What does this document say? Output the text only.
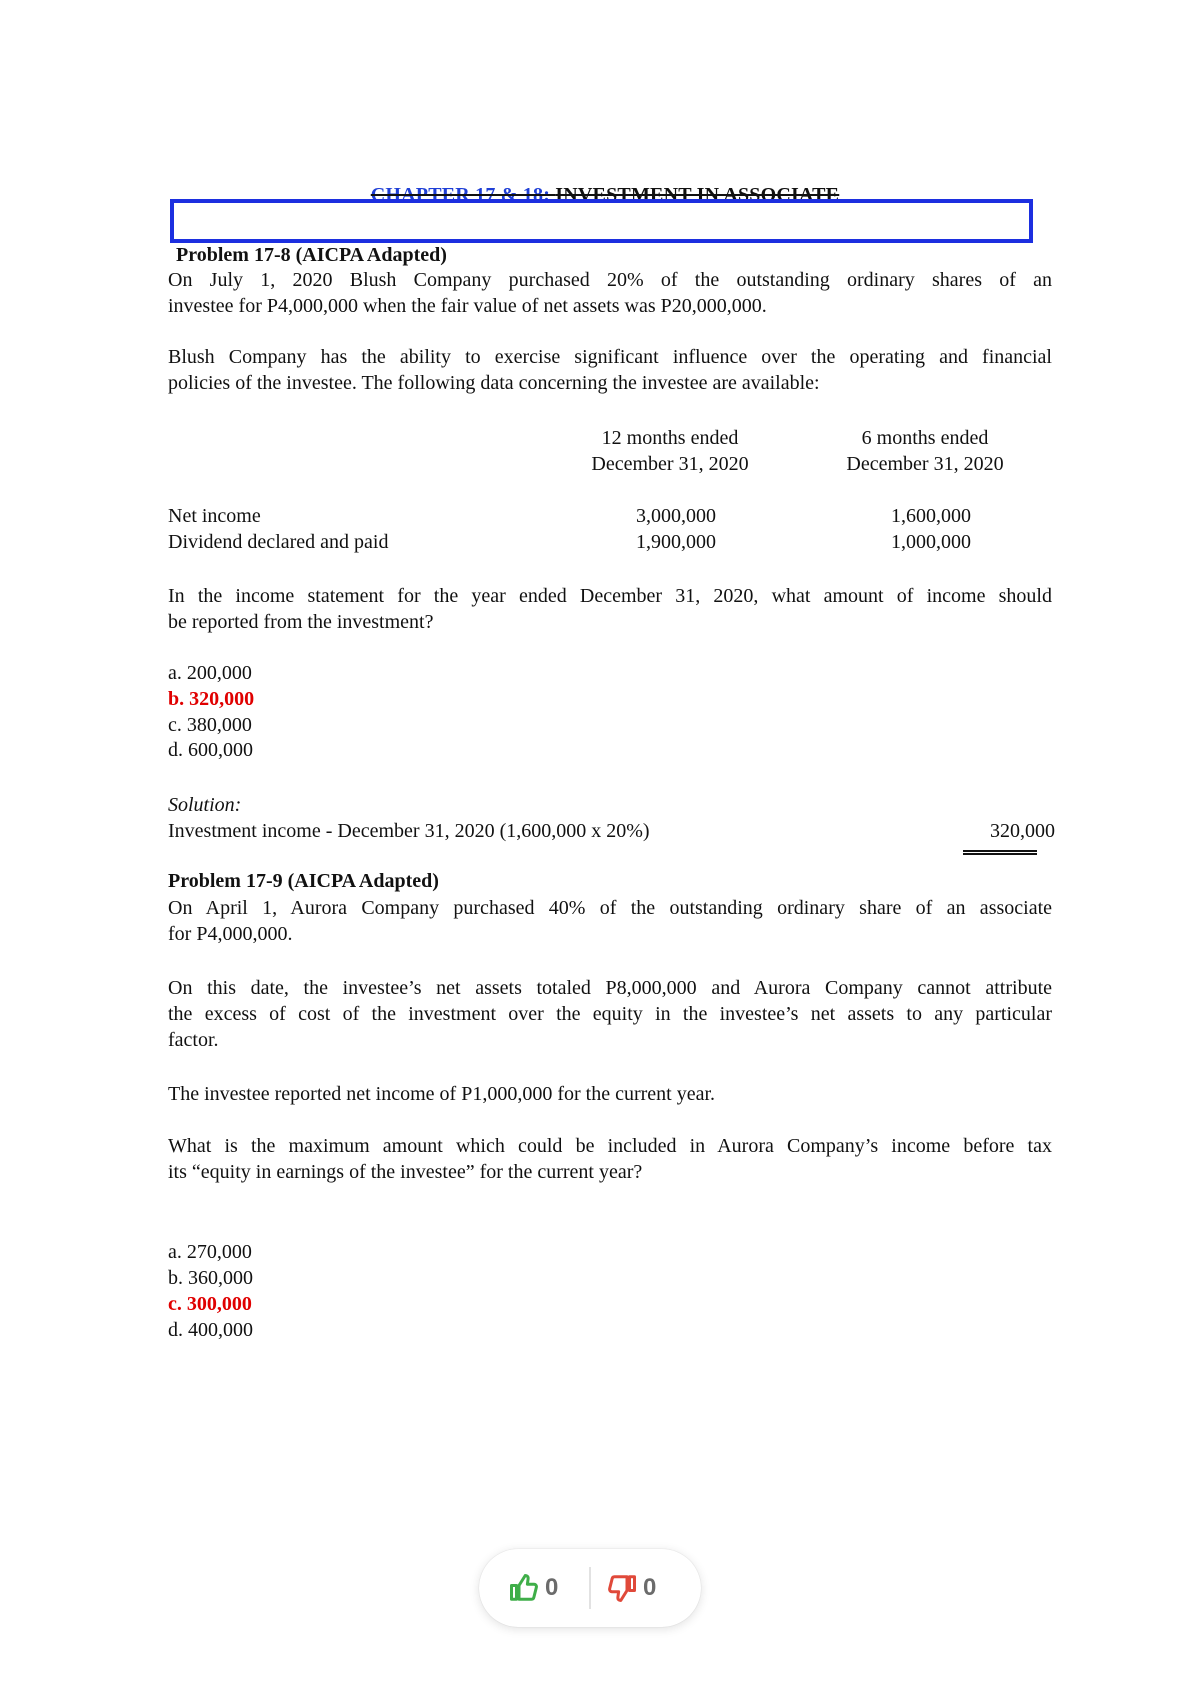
CHAPTER 17 & 18: INVESTMENT IN ASSOCIATE
Problem 17-8 (AICPA Adapted)
On July 1, 2020 Blush Company purchased 20% of the outstanding ordinary shares of an
investee for P4,000,000 when the fair value of net assets was P20,000,000.
Blush Company has the ability to exercise significant influence over the operating and financial
policies of the investee. The following data concerning the investee are available:
12 months ended
December 31, 2020
6 months ended
December 31, 2020
Net income	3,000,000	1,600,000
Dividend declared and paid	1,900,000	1,000,000
In the income statement for the year ended December 31, 2020, what amount of income should
be reported from the investment?
a. 200,000
b. 320,000
c. 380,000
d. 600,000
Solution:
Investment income - December 31, 2020 (1,600,000 x 20%)	320,000
Problem 17-9 (AICPA Adapted)
On April 1, Aurora Company purchased 40% of the outstanding ordinary share of an associate
for P4,000,000.
On this date, the investee’s net assets totaled P8,000,000 and Aurora Company cannot attribute
the excess of cost of the investment over the equity in the investee’s net assets to any particular
factor.
The investee reported net income of P1,000,000 for the current year.
What is the maximum amount which could be included in Aurora Company’s income before tax
its “equity in earnings of the investee” for the current year?
a. 270,000
b. 360,000
c. 300,000
d. 400,000
0	0
